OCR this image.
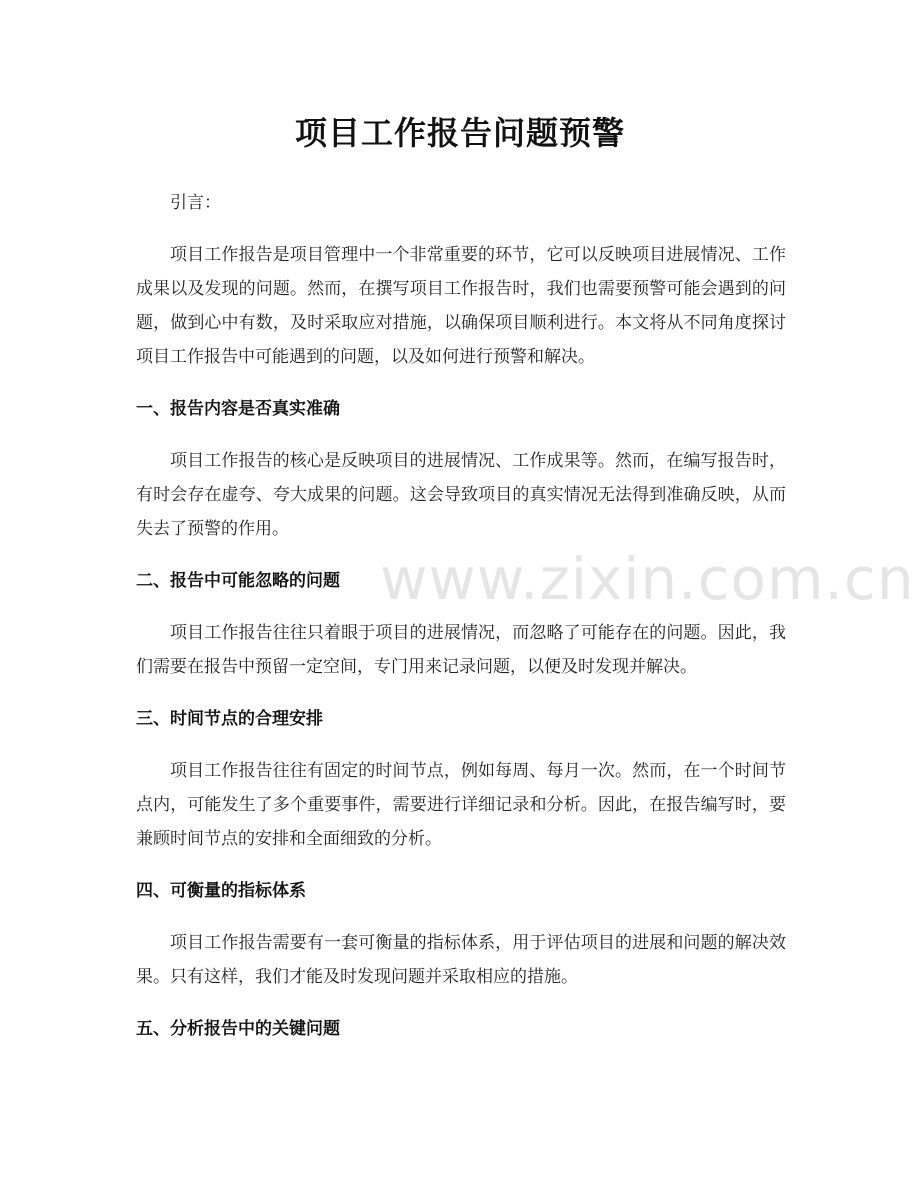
项目工作报告问题预警

引言：

项目工作报告是项目管理中一个非常重要的环节，它可以反映项目进展情况、工作成果以及发现的问题。然而，在撰写项目工作报告时，我们也需要预警可能会遇到的问题，做到心中有数，及时采取应对措施，以确保项目顺利进行。本文将从不同角度探讨项目工作报告中可能遇到的问题，以及如何进行预警和解决。

一、报告内容是否真实准确

项目工作报告的核心是反映项目的进展情况、工作成果等。然而，在编写报告时，有时会存在虚夸、夸大成果的问题。这会导致项目的真实情况无法得到准确反映，从而失去了预警的作用。

二、报告中可能忽略的问题

项目工作报告往往只着眼于项目的进展情况，而忽略了可能存在的问题。因此，我们需要在报告中预留一定空间，专门用来记录问题，以便及时发现并解决。

三、时间节点的合理安排

项目工作报告往往有固定的时间节点，例如每周、每月一次。然而，在一个时间节点内，可能发生了多个重要事件，需要进行详细记录和分析。因此，在报告编写时，要兼顾时间节点的安排和全面细致的分析。

四、可衡量的指标体系

项目工作报告需要有一套可衡量的指标体系，用于评估项目的进展和问题的解决效果。只有这样，我们才能及时发现问题并采取相应的措施。

五、分析报告中的关键问题
www.zixin.com.cn
